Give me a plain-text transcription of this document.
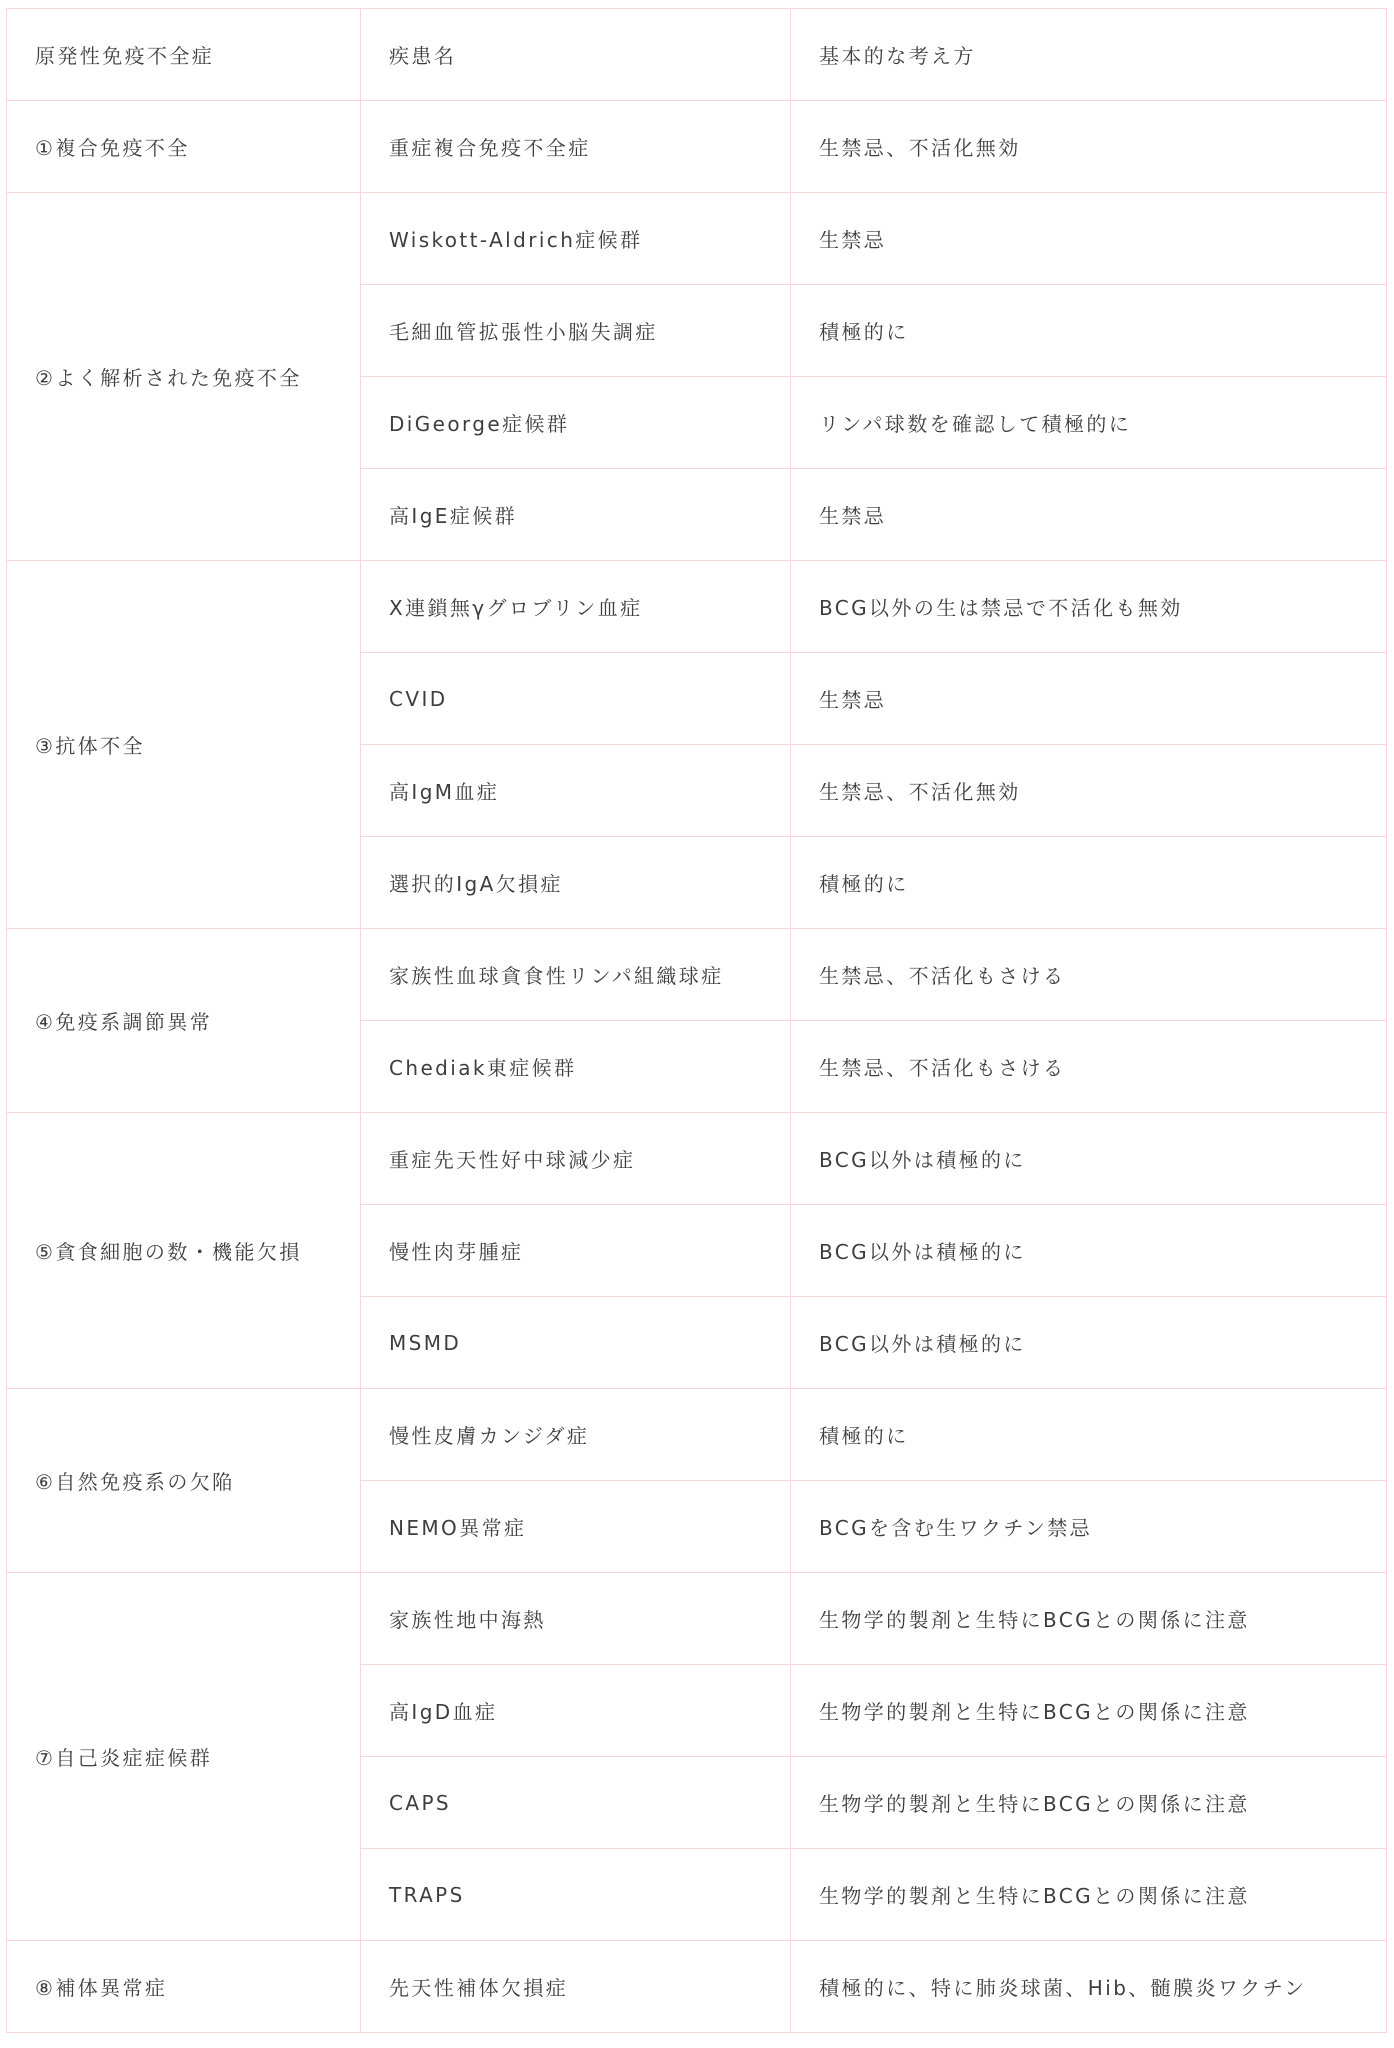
原発性免疫不全症	疾患名	基本的な考え方
①複合免疫不全	重症複合免疫不全症	生禁忌、不活化無効
②よく解析された免疫不全	Wiskott-Aldrich症候群	生禁忌
	毛細血管拡張性小脳失調症	積極的に
	DiGeorge症候群	リンパ球数を確認して積極的に
	高IgE症候群	生禁忌
③抗体不全	X連鎖無γグロブリン血症	BCG以外の生は禁忌で不活化も無効
	CVID	生禁忌
	高IgM血症	生禁忌、不活化無効
	選択的IgA欠損症	積極的に
④免疫系調節異常	家族性血球貪食性リンパ組織球症	生禁忌、不活化もさける
	Chediak東症候群	生禁忌、不活化もさける
⑤貪食細胞の数・機能欠損	重症先天性好中球減少症	BCG以外は積極的に
	慢性肉芽腫症	BCG以外は積極的に
	MSMD	BCG以外は積極的に
⑥自然免疫系の欠陥	慢性皮膚カンジダ症	積極的に
	NEMO異常症	BCGを含む生ワクチン禁忌
⑦自己炎症症候群	家族性地中海熱	生物学的製剤と生特にBCGとの関係に注意
	高IgD血症	生物学的製剤と生特にBCGとの関係に注意
	CAPS	生物学的製剤と生特にBCGとの関係に注意
	TRAPS	生物学的製剤と生特にBCGとの関係に注意
⑧補体異常症	先天性補体欠損症	積極的に、特に肺炎球菌、Hib、髄膜炎ワクチン
